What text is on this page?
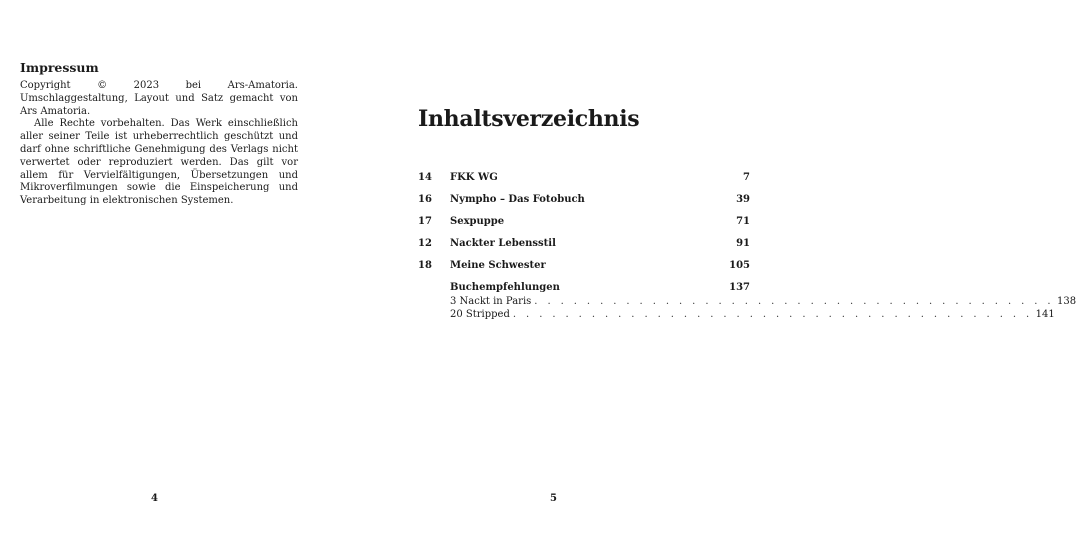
Impressum

Copyright © 2023 bei Ars-Amatoria. Umschlaggestaltung, Layout und Satz gemacht von Ars Amatoria.

Alle Rechte vorbehalten. Das Werk einschließlich aller seiner Teile ist urheberrechtlich geschützt und darf ohne schriftliche Genehmigung des Verlags nicht verwertet oder reproduziert werden. Das gilt vor allem für Vervielfältigungen, Übersetzungen und Mikroverfilmungen sowie die Einspeicherung und Verarbeitung in elektronischen Systemen.

4
Inhaltsverzeichnis
14 FKK WG	7
16 Nympho – Das Fotobuch	39
17 Sexpuppe	71
12 Nackter Lebensstil	91
18 Meine Schwester	105
Buchempfehlungen	137
3 Nackt in Paris . . .	138
20 Stripped . . .	141
5
